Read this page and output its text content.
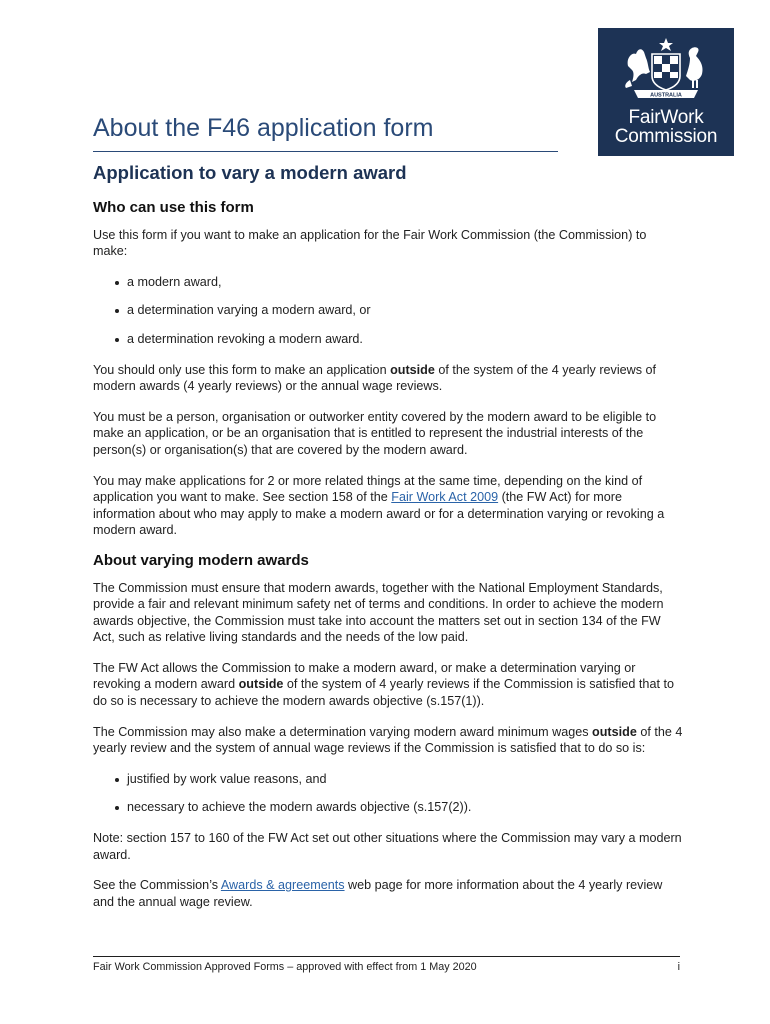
AUSTRALIA
FairWork
Commission
About the F46 application form
Application to vary a modern award
Who can use this form

Use this form if you want to make an application for the Fair Work Commission (the Commission) to make:

a modern award,
a determination varying a modern award, or
a determination revoking a modern award.

You should only use this form to make an application outside of the system of the 4 yearly reviews of modern awards (4 yearly reviews) or the annual wage reviews.

You must be a person, organisation or outworker entity covered by the modern award to be eligible to make an application, or be an organisation that is entitled to represent the industrial interests of the person(s) or organisation(s) that are covered by the modern award.

You may make applications for 2 or more related things at the same time, depending on the kind of application you want to make. See section 158 of the Fair Work Act 2009 (the FW Act) for more information about who may apply to make a modern award or for a determination varying or revoking a modern award.

About varying modern awards

The Commission must ensure that modern awards, together with the National Employment Standards, provide a fair and relevant minimum safety net of terms and conditions. In order to achieve the modern awards objective, the Commission must take into account the matters set out in section 134 of the FW Act, such as relative living standards and the needs of the low paid.

The FW Act allows the Commission to make a modern award, or make a determination varying or revoking a modern award outside of the system of 4 yearly reviews if the Commission is satisfied that to do so is necessary to achieve the modern awards objective (s.157(1)).

The Commission may also make a determination varying modern award minimum wages outside of the 4 yearly review and the system of annual wage reviews if the Commission is satisfied that to do so is:

justified by work value reasons, and
necessary to achieve the modern awards objective (s.157(2)).

Note: section 157 to 160 of the FW Act set out other situations where the Commission may vary a modern award.

See the Commission’s Awards & agreements web page for more information about the 4 yearly review and the annual wage review.

Fair Work Commission Approved Forms – approved with effect from 1 May 2020	i
